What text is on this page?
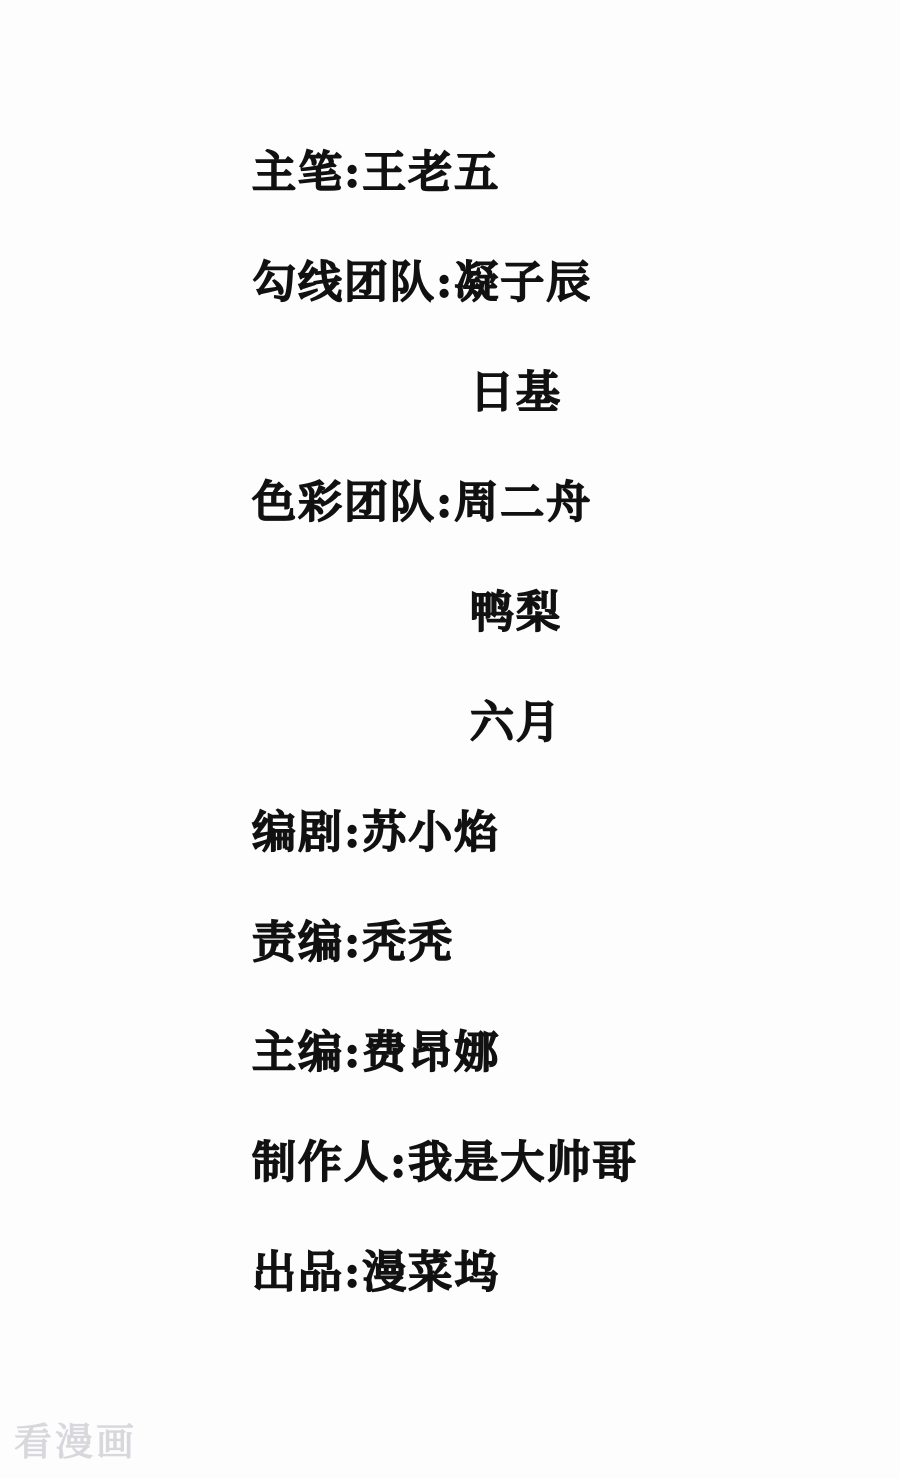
主笔:王老五
勾线团队:凝子辰
日基
色彩团队:周二舟
鸭梨
六月
编剧:苏小焰
责编:秃秃
主编:费昂娜
制作人:我是大帅哥
出品:漫菜坞
看漫画
